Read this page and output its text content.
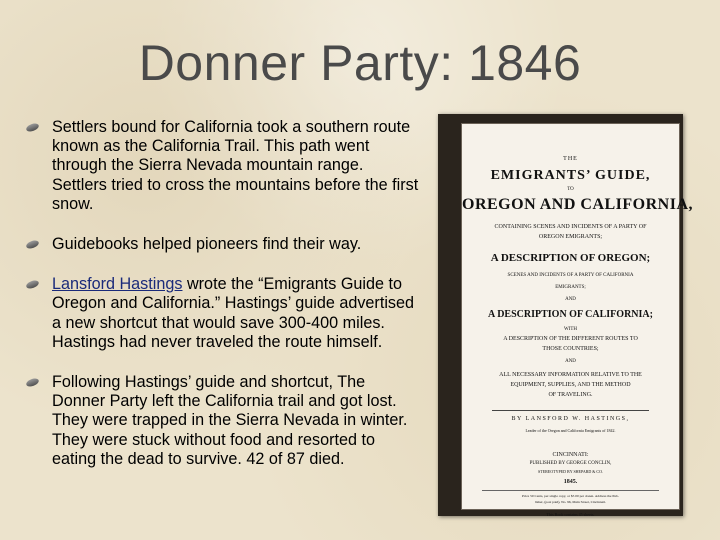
Donner Party: 1846
Settlers bound for California took a southern route known as the California Trail. This path went through the Sierra Nevada mountain range. Settlers tried to cross the mountains before the first snow.
Guidebooks helped pioneers find their way.
Lansford Hastings wrote the “Emigrants Guide to Oregon and California.” Hastings’ guide advertised a new shortcut that would save 300-400 miles. Hastings had never traveled the route himself.
Following Hastings’ guide and shortcut, The Donner Party left the California trail and got lost. They were trapped in the Sierra Nevada in winter. They were stuck without food and resorted to eating the dead to survive. 42 of 87 died.
THE
EMIGRANTS’ GUIDE,
TO
OREGON AND CALIFORNIA,
CONTAINING SCENES AND INCIDENTS OF A PARTY OF
OREGON EMIGRANTS;
A DESCRIPTION OF OREGON;
SCENES AND INCIDENTS OF A PARTY OF CALIFORNIA
EMIGRANTS;
AND
A DESCRIPTION OF CALIFORNIA;
WITH
A DESCRIPTION OF THE DIFFERENT ROUTES TO
THOSE COUNTRIES;
AND
ALL NECESSARY INFORMATION RELATIVE TO THE
EQUIPMENT, SUPPLIES, AND THE METHOD
OF TRAVELING.
BY LANSFORD W. HASTINGS,
Leader of the Oregon and California Emigrants of 1842.
CINCINNATI:
PUBLISHED BY GEORGE CONCLIN,
STEREOTYPED BY SHEPARD & CO.
1845.
Price 50 Cents, per single copy, or $5 00 per dozen. Address the Pub-
lisher, (post paid), No. 96, Main Street, Cincinnati.
This Book contains 45 sheets.
